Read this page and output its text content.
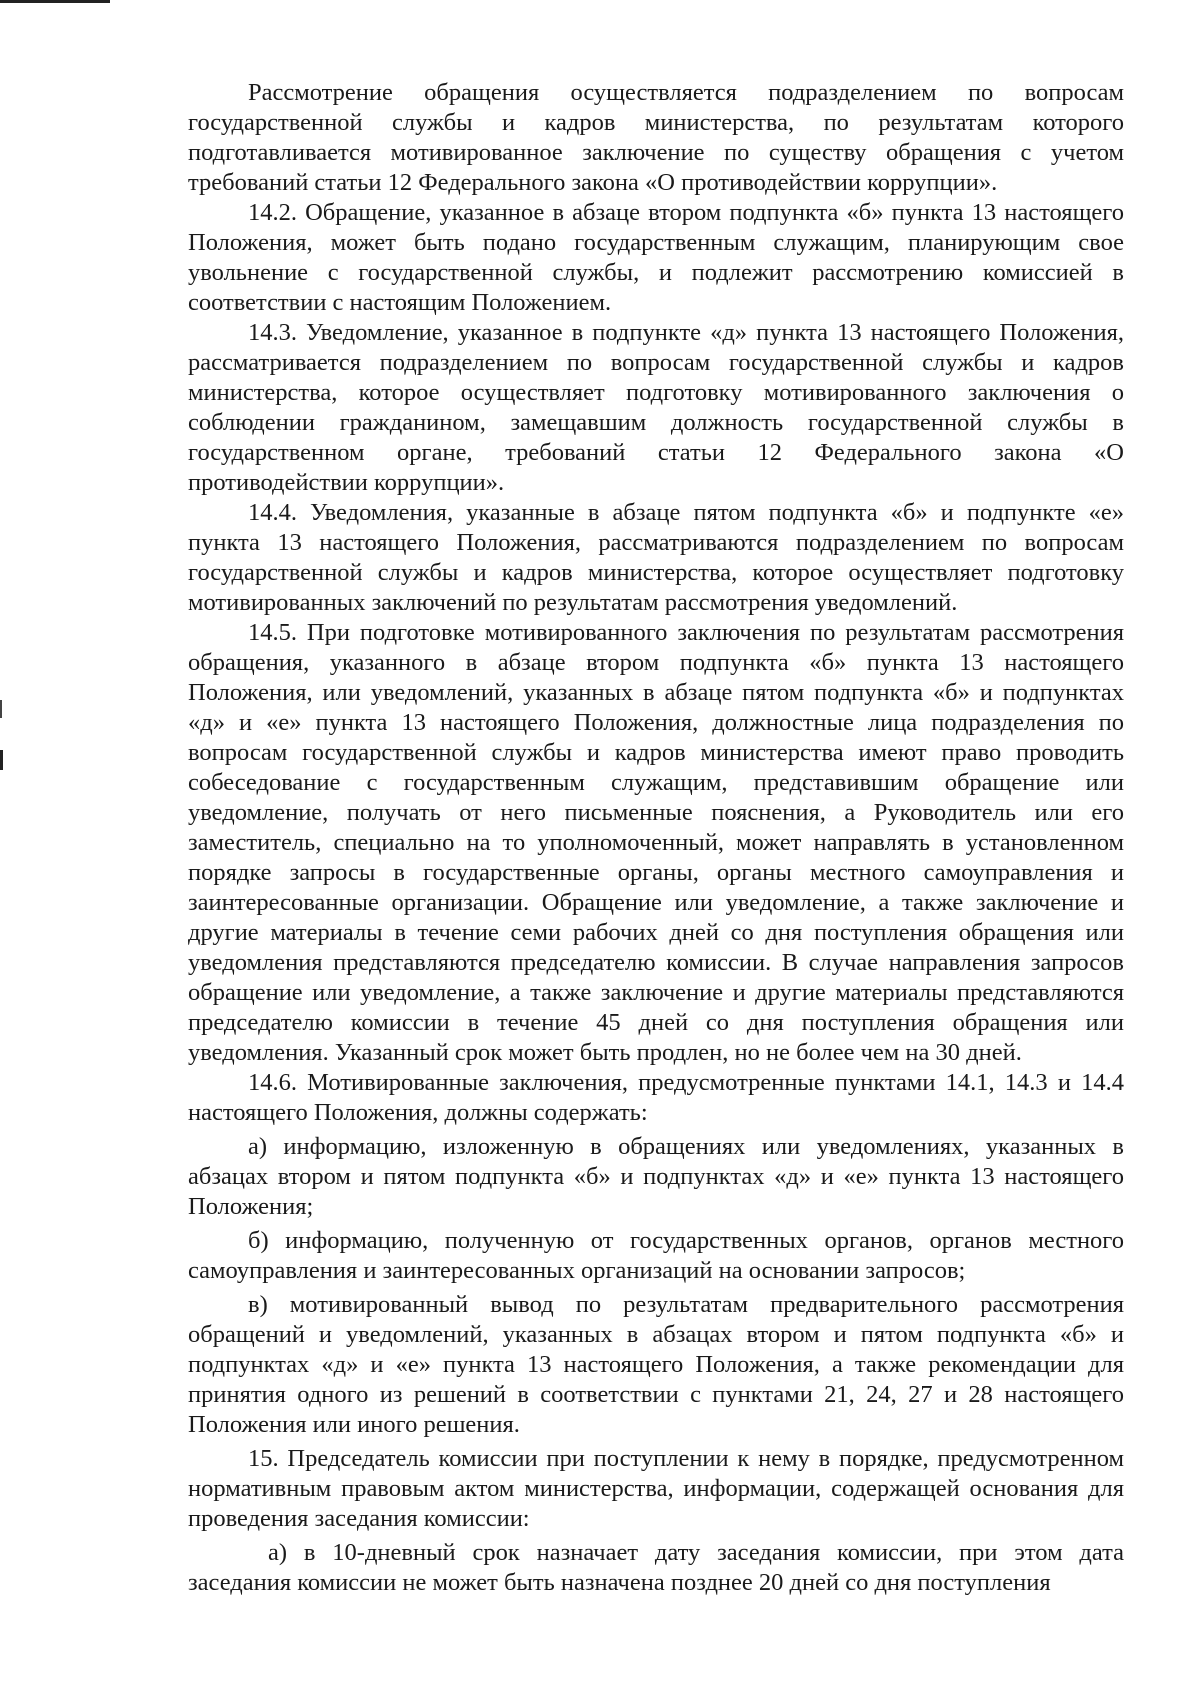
Рассмотрение обращения осуществляется подразделением по вопросам государственной службы и кадров министерства, по результатам которого подготавливается мотивированное заключение по существу обращения с учетом требований статьи 12 Федерального закона «О противодействии коррупции».

14.2. Обращение, указанное в абзаце втором подпункта «б» пункта 13 настоящего Положения, может быть подано государственным служащим, планирующим свое увольнение с государственной службы, и подлежит рассмотрению комиссией в соответствии с настоящим Положением.

14.3. Уведомление, указанное в подпункте «д» пункта 13 настоящего Положения, рассматривается подразделением по вопросам государственной службы и кадров министерства, которое осуществляет подготовку мотивированного заключения о соблюдении гражданином, замещавшим должность государственной службы в государственном органе, требований статьи 12 Федерального закона «О противодействии коррупции».

14.4. Уведомления, указанные в абзаце пятом подпункта «б» и подпункте «е» пункта 13 настоящего Положения, рассматриваются подразделением по вопросам государственной службы и кадров министерства, которое осуществляет подготовку мотивированных заключений по результатам рассмотрения уведомлений.

14.5. При подготовке мотивированного заключения по результатам рассмотрения обращения, указанного в абзаце втором подпункта «б» пункта 13 настоящего Положения, или уведомлений, указанных в абзаце пятом подпункта «б» и подпунктах «д» и «е» пункта 13 настоящего Положения, должностные лица подразделения по вопросам государственной службы и кадров министерства имеют право проводить собеседование с государственным служащим, представившим обращение или уведомление, получать от него письменные пояснения, а Руководитель или его заместитель, специально на то уполномоченный, может направлять в установленном порядке запросы в государственные органы, органы местного самоуправления и заинтересованные организации. Обращение или уведомление, а также заключение и другие материалы в течение семи рабочих дней со дня поступления обращения или уведомления представляются председателю комиссии. В случае направления запросов обращение или уведомление, а также заключение и другие материалы представляются председателю комиссии в течение 45 дней со дня поступления обращения или уведомления. Указанный срок может быть продлен, но не более чем на 30 дней.

14.6. Мотивированные заключения, предусмотренные пунктами 14.1, 14.3 и 14.4 настоящего Положения, должны содержать:

а) информацию, изложенную в обращениях или уведомлениях, указанных в абзацах втором и пятом подпункта «б» и подпунктах «д» и «е» пункта 13 настоящего Положения;

б) информацию, полученную от государственных органов, органов местного самоуправления и заинтересованных организаций на основании запросов;

в) мотивированный вывод по результатам предварительного рассмотрения обращений и уведомлений, указанных в абзацах втором и пятом подпункта «б» и подпунктах «д» и «е» пункта 13 настоящего Положения, а также рекомендации для принятия одного из решений в соответствии с пунктами 21, 24, 27 и 28 настоящего Положения или иного решения.

15. Председатель комиссии при поступлении к нему в порядке, предусмотренном нормативным правовым актом министерства, информации, содержащей основания для проведения заседания комиссии:

а) в 10-дневный срок назначает дату заседания комиссии, при этом дата заседания комиссии не может быть назначена позднее 20 дней со дня поступления
